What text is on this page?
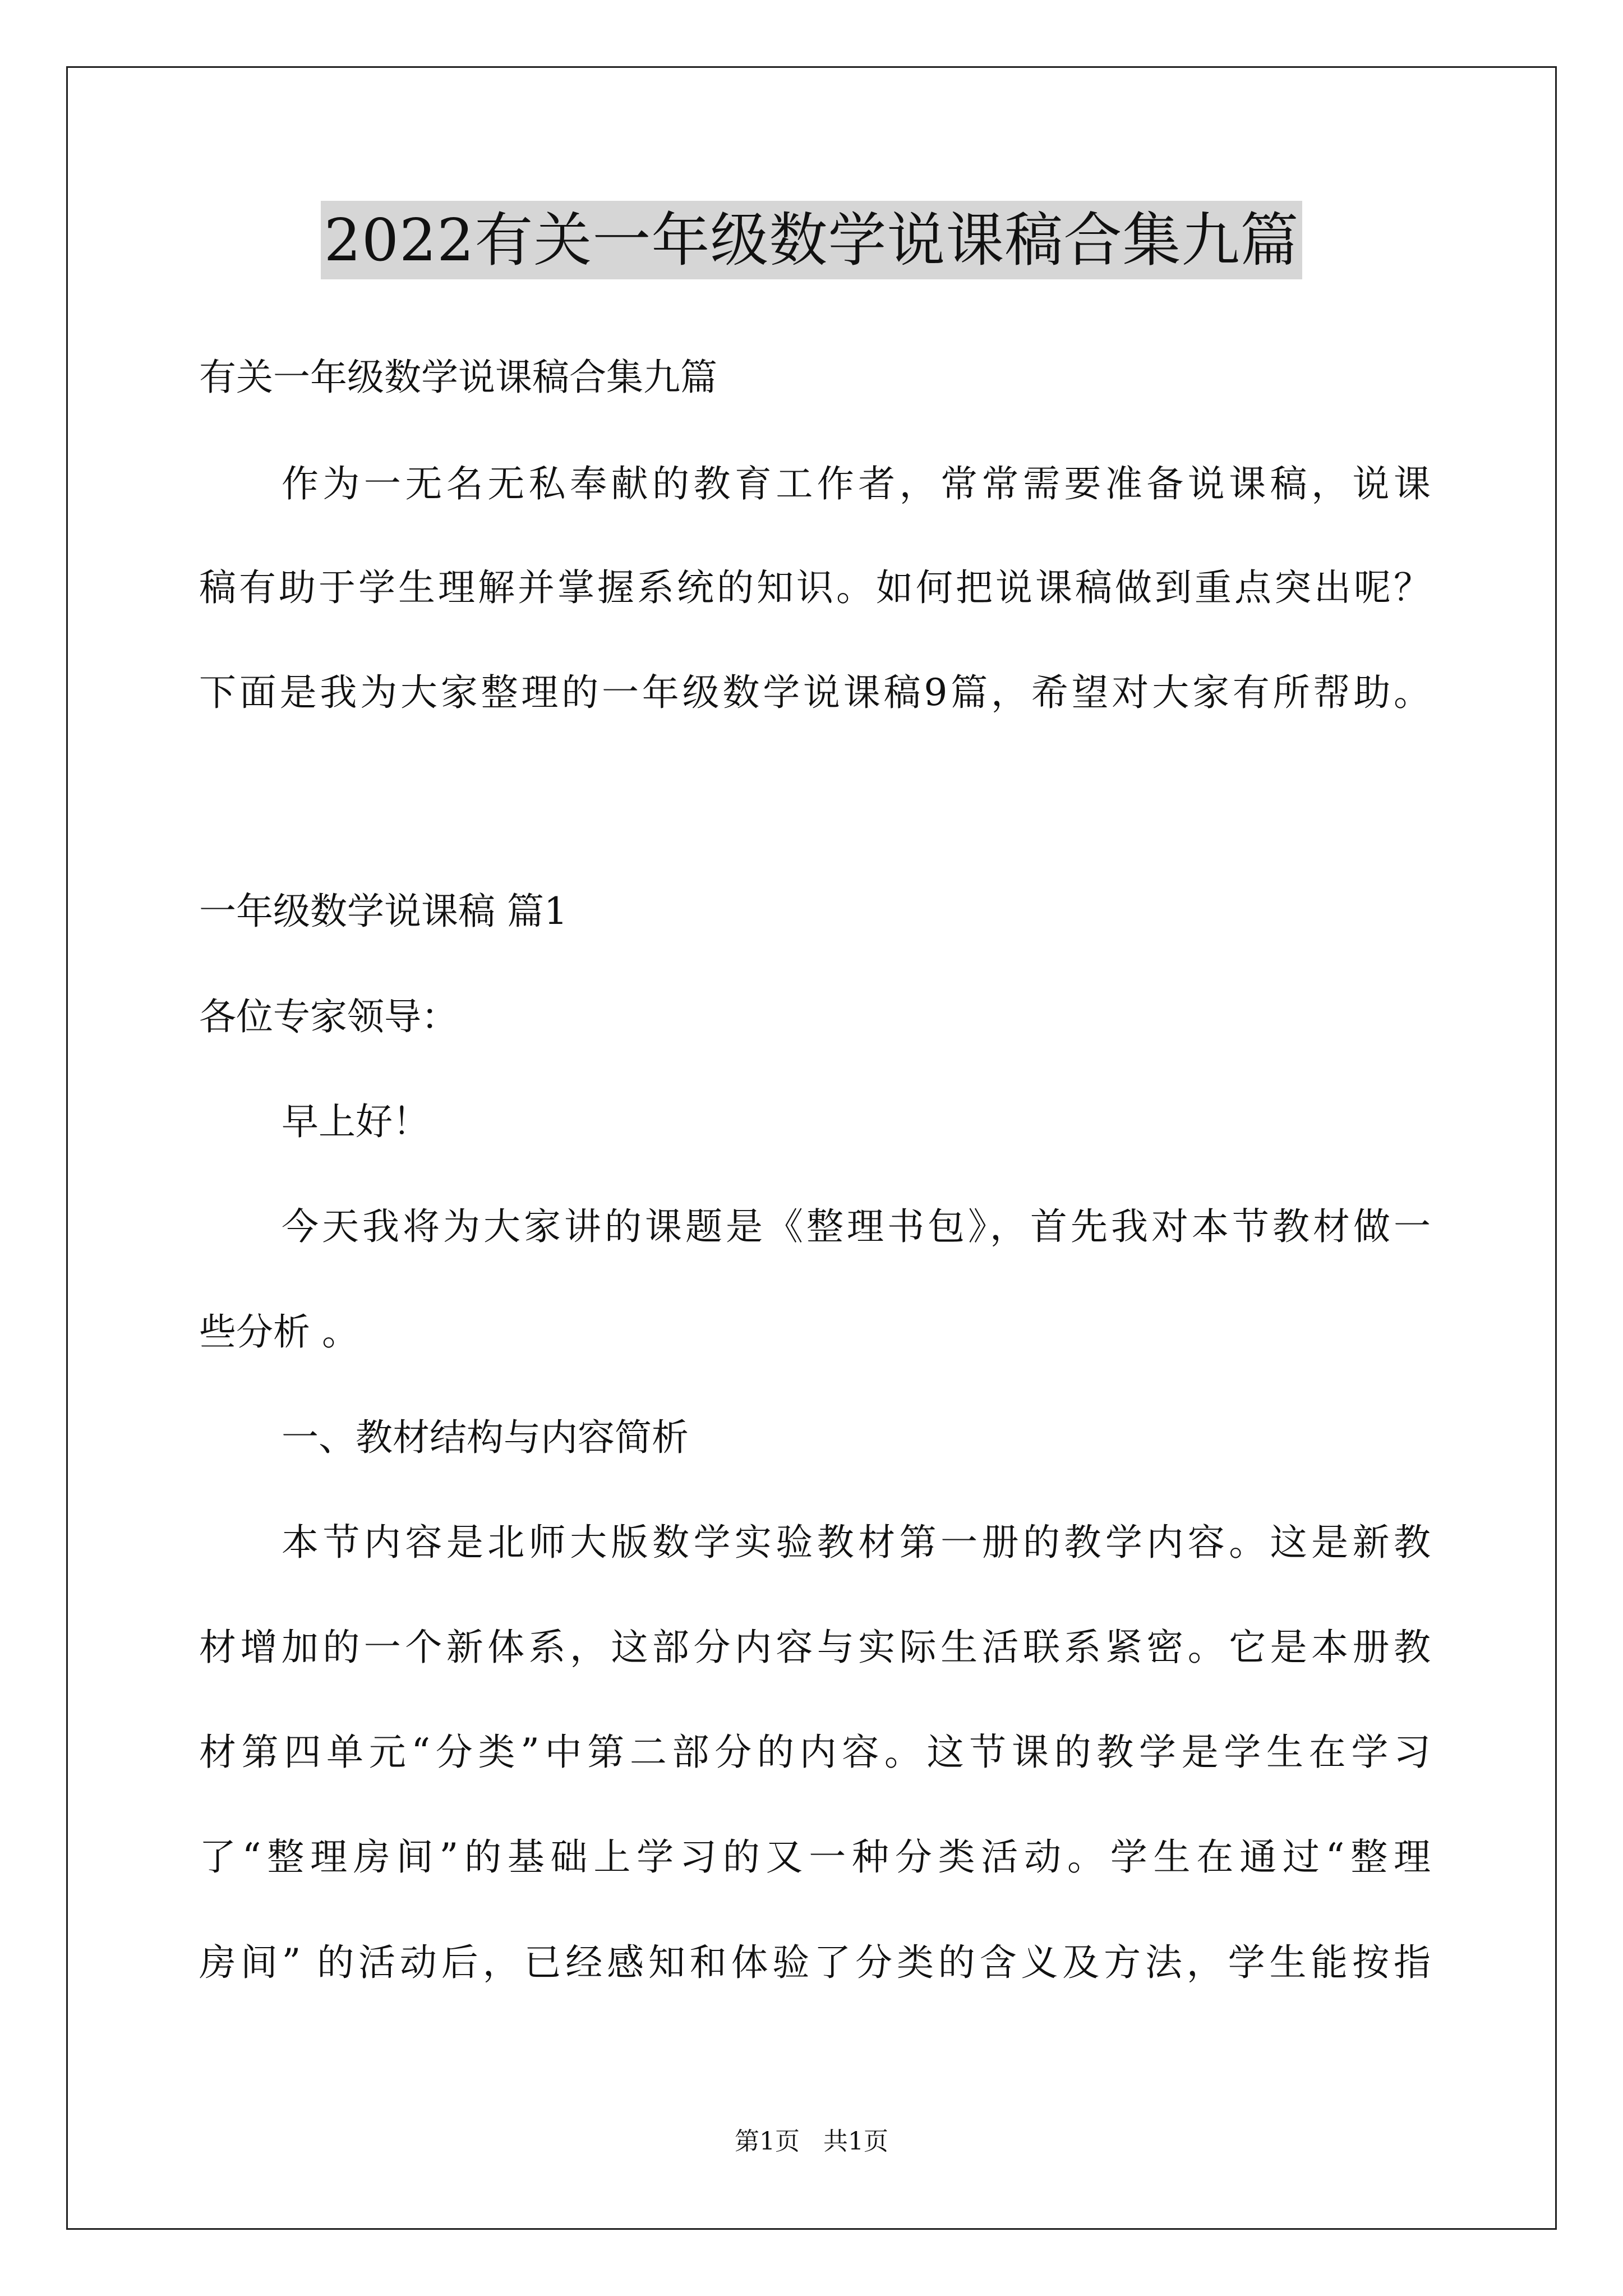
2022有关一年级数学说课稿合集九篇
有关一年级数学说课稿合集九篇
作为一无名无私奉献的教育工作者，常常需要准备说课稿，说课
稿有助于学生理解并掌握系统的知识。如何把说课稿做到重点突出呢？
下面是我为大家整理的一年级数学说课稿9篇，希望对大家有所帮助。
一年级数学说课稿 篇1
各位专家领导：
早上好！
今天我将为大家讲的课题是《整理书包》，首先我对本节教材做一
些分析 。
一、教材结构与内容简析
本节内容是北师大版数学实验教材第一册的教学内容。这是新教
材增加的一个新体系，这部分内容与实际生活联系紧密。它是本册教
材第四单元“分类”中第二部分的内容。这节课的教学是学生在学习
了“整理房间”的基础上学习的又一种分类活动。学生在通过“整理
房间” 的活动后，已经感知和体验了分类的含义及方法，学生能按指
第1页   共1页
